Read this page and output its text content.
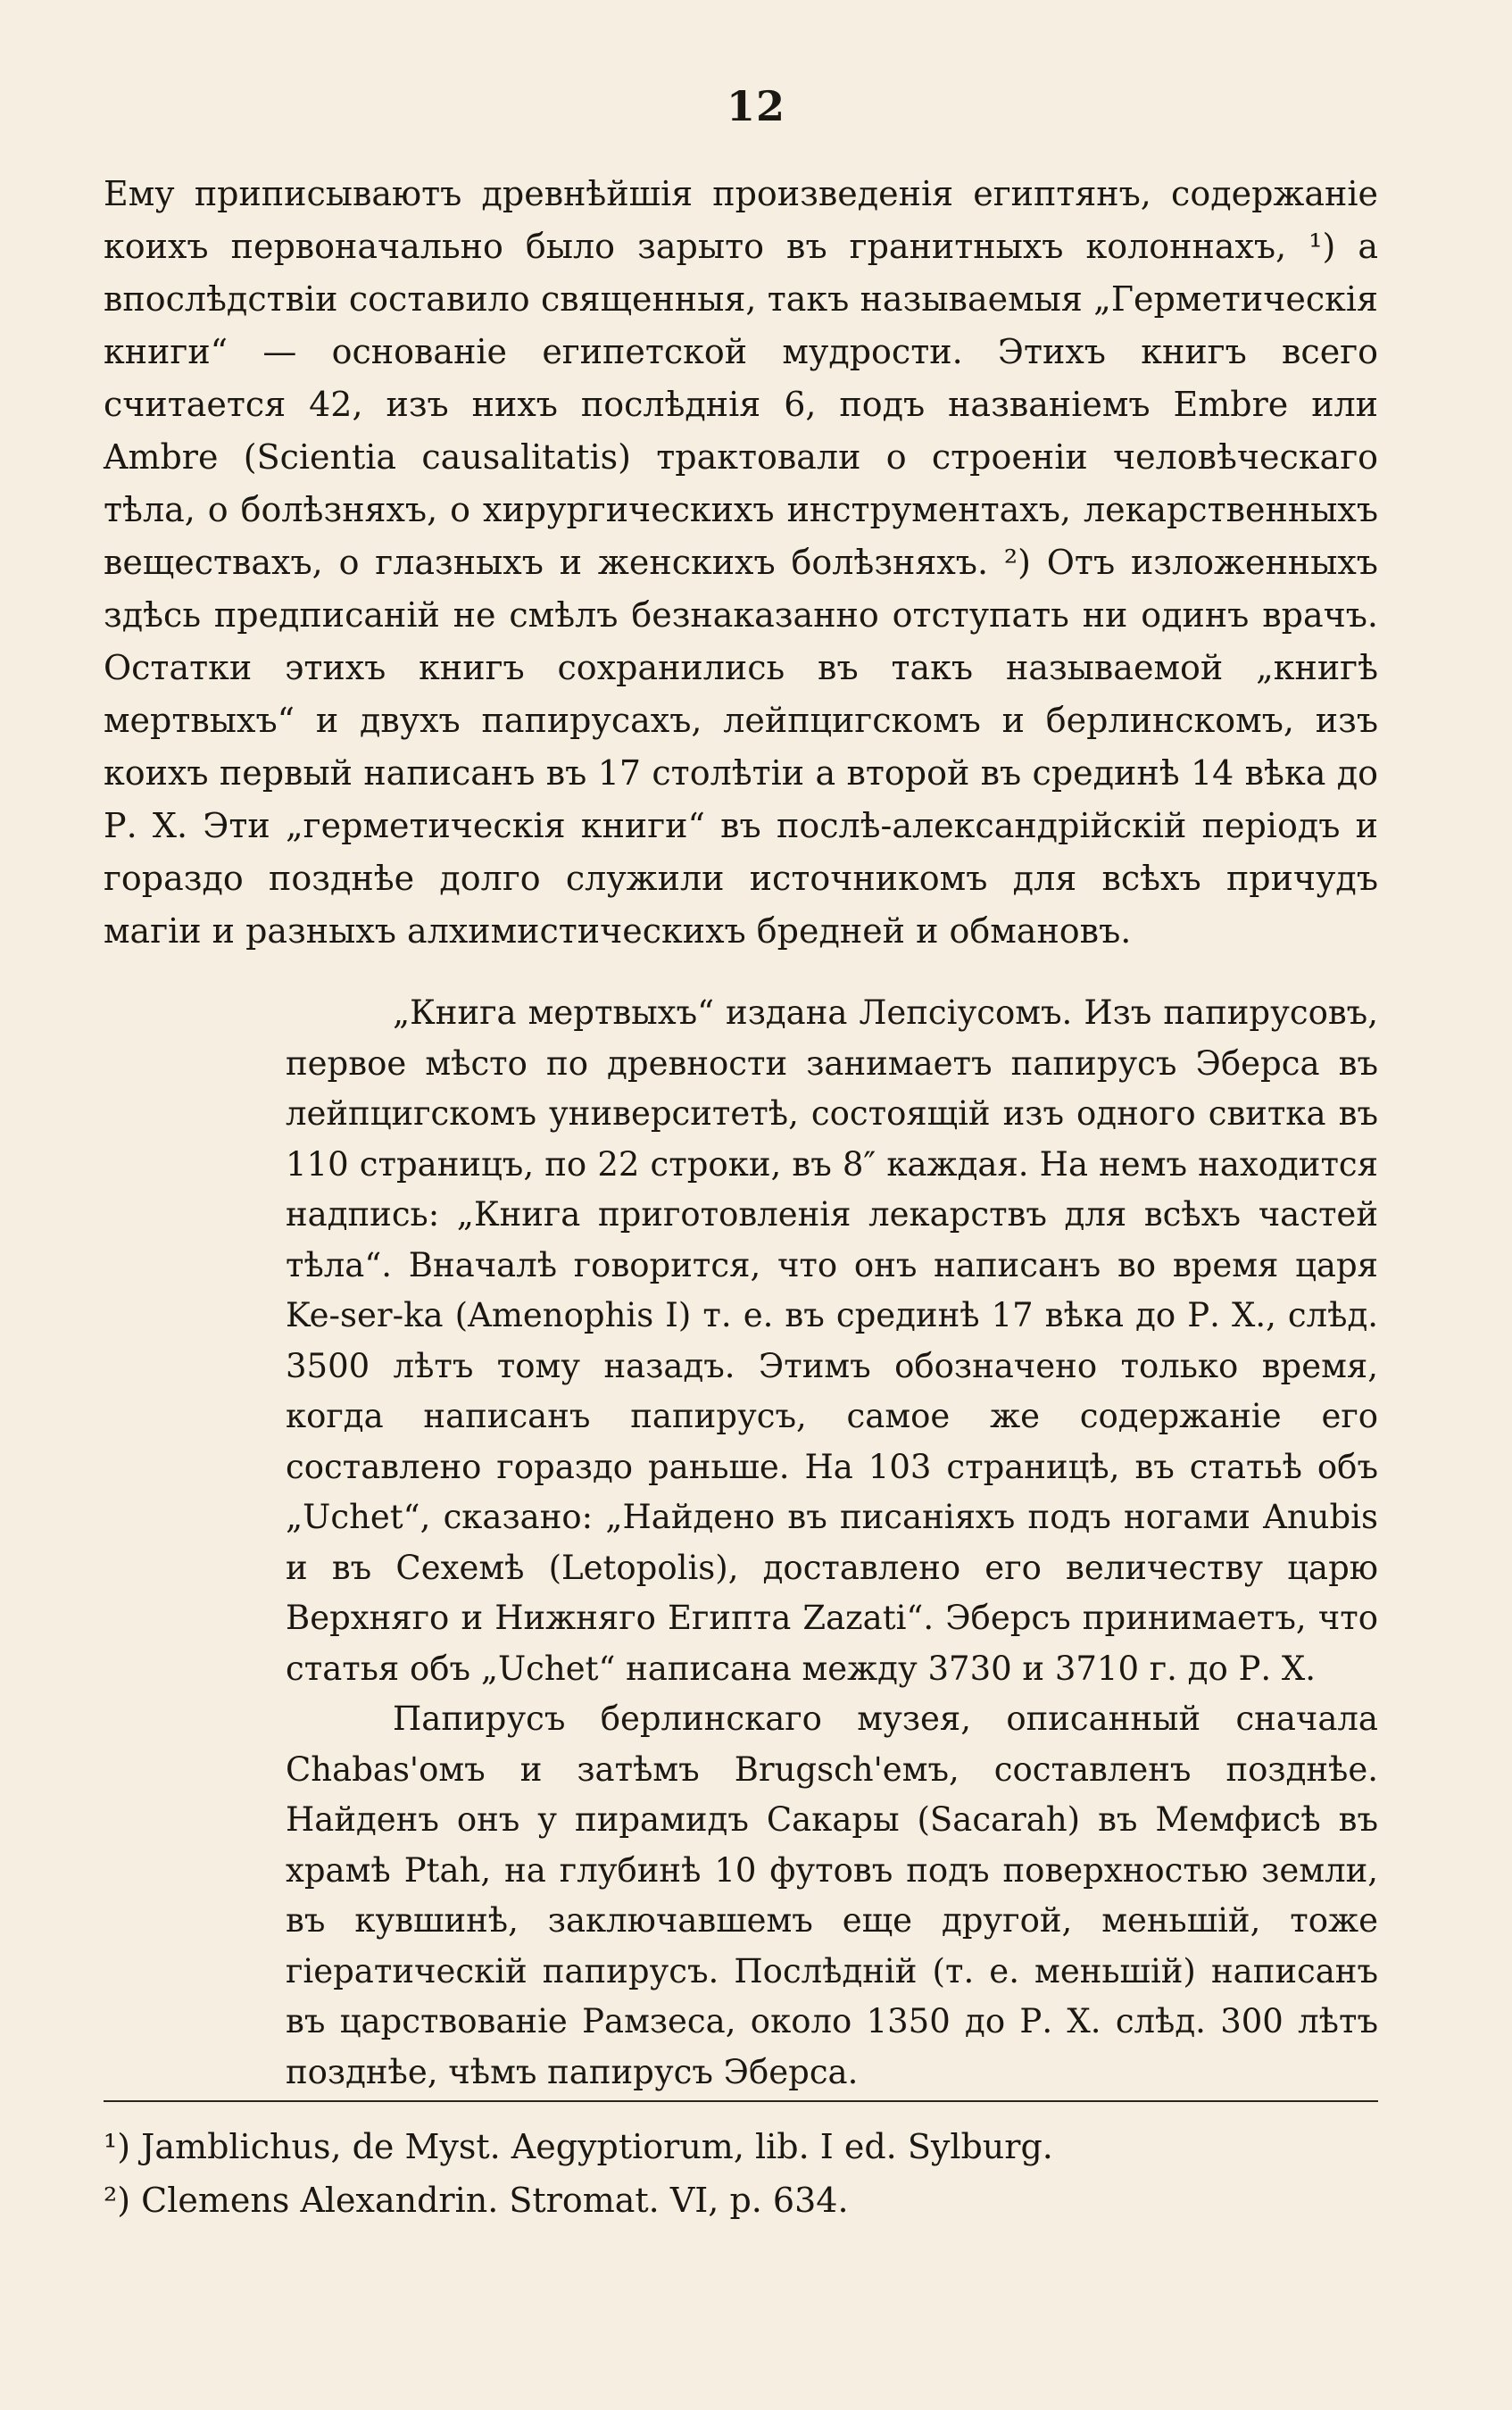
12

Ему приписываютъ древнѣйшія произведенія египтянъ, содержаніе коихъ первоначально было зарыто въ гранитныхъ колоннахъ, ¹) а впослѣдствіи составило священныя, такъ называемыя „Герметическія книги“ — основаніе египетской мудрости. Этихъ книгъ всего считается 42, изъ нихъ послѣднія 6, подъ названіемъ Embre или Ambre (Scientia causalitatis) трактовали о строеніи человѣческаго тѣла, о болѣзняхъ, о хирургическихъ инструментахъ, лекарственныхъ веществахъ, о глазныхъ и женскихъ болѣзняхъ. ²) Отъ изложенныхъ здѣсь предписаній не смѣлъ безнаказанно отступать ни одинъ врачъ. Остатки этихъ книгъ сохранились въ такъ называемой „книгѣ мертвыхъ“ и двухъ папирусахъ, лейпцигскомъ и берлинскомъ, изъ коихъ первый написанъ въ 17 столѣтіи а второй въ срединѣ 14 вѣка до Р. Х. Эти „герметическія книги“ въ послѣ-александрійскій періодъ и гораздо позднѣе долго служили источникомъ для всѣхъ причудъ магіи и разныхъ алхимистическихъ бредней и обмановъ.

„Книга мертвыхъ“ издана Лепсіусомъ. Изъ папирусовъ, первое мѣсто по древности занимаетъ папирусъ Эберса въ лейпцигскомъ университетѣ, состоящій изъ одного свитка въ 110 страницъ, по 22 строки, въ 8″ каждая. На немъ находится надпись: „Книга приготовленія лекарствъ для всѣхъ частей тѣла“. Вначалѣ говорится, что онъ написанъ во время царя Ke-ser-ka (Amenophis I) т. е. въ срединѣ 17 вѣка до Р. Х., слѣд. 3500 лѣтъ тому назадъ. Этимъ обозначено только время, когда написанъ папирусъ, самое же содержаніе его составлено гораздо раньше. На 103 страницѣ, въ статьѣ объ „Uchet“, сказано: „Найдено въ писаніяхъ подъ ногами Anubis и въ Сехемѣ (Letopolis), доставлено его величеству царю Верхняго и Нижняго Египта Zazati“. Эберсъ принимаетъ, что статья объ „Uchet“ написана между 3730 и 3710 г. до Р. Х.

Папирусъ берлинскаго музея, описанный сначала Chabas'омъ и затѣмъ Brugsch'емъ, составленъ позднѣе. Найденъ онъ у пирамидъ Сакары (Sacarah) въ Мемфисѣ въ храмѣ Ptah, на глубинѣ 10 футовъ подъ поверхностью земли, въ кувшинѣ, заключавшемъ еще другой, меньшій, тоже гіератическій папирусъ. Послѣдній (т. е. меньшій) написанъ въ царствованіе Рамзеса, около 1350 до Р. Х. слѣд. 300 лѣтъ позднѣе, чѣмъ папирусъ Эберса.

¹) Jamblichus, de Myst. Aegyptiorum, lib. I ed. Sylburg.
²) Clemens Alexandrin. Stromat. VI, p. 634.
